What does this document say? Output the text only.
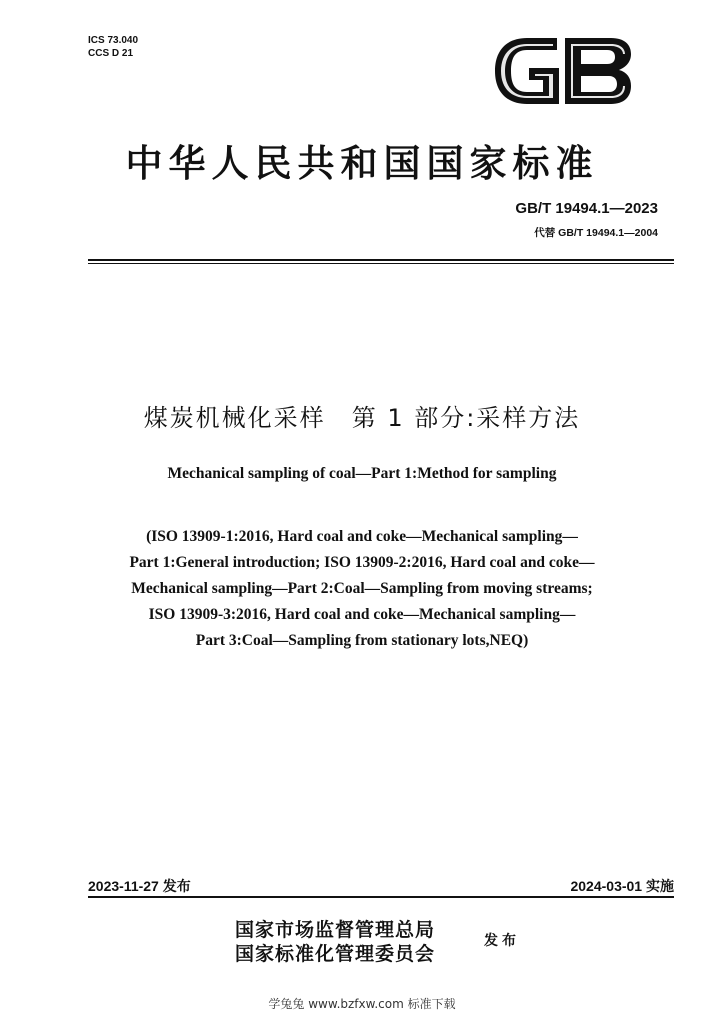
ICS 73.040
CCS D 21
中华人民共和国国家标准
GB/T 19494.1—2023
代替 GB/T 19494.1—2004
煤炭机械化采样 第 1 部分:采样方法
Mechanical sampling of coal—Part 1:Method for sampling
(ISO 13909-1:2016, Hard coal and coke—Mechanical sampling—
Part 1:General introduction; ISO 13909-2:2016, Hard coal and coke—
Mechanical sampling—Part 2:Coal—Sampling from moving streams;
ISO 13909-3:2016, Hard coal and coke—Mechanical sampling—
Part 3:Coal—Sampling from stationary lots,NEQ)
2023-11-27 发布	2024-03-01 实施
国家市场监督管理总局
国家标准化管理委员会
发布
学兔兔 www.bzfxw.com 标准下载
